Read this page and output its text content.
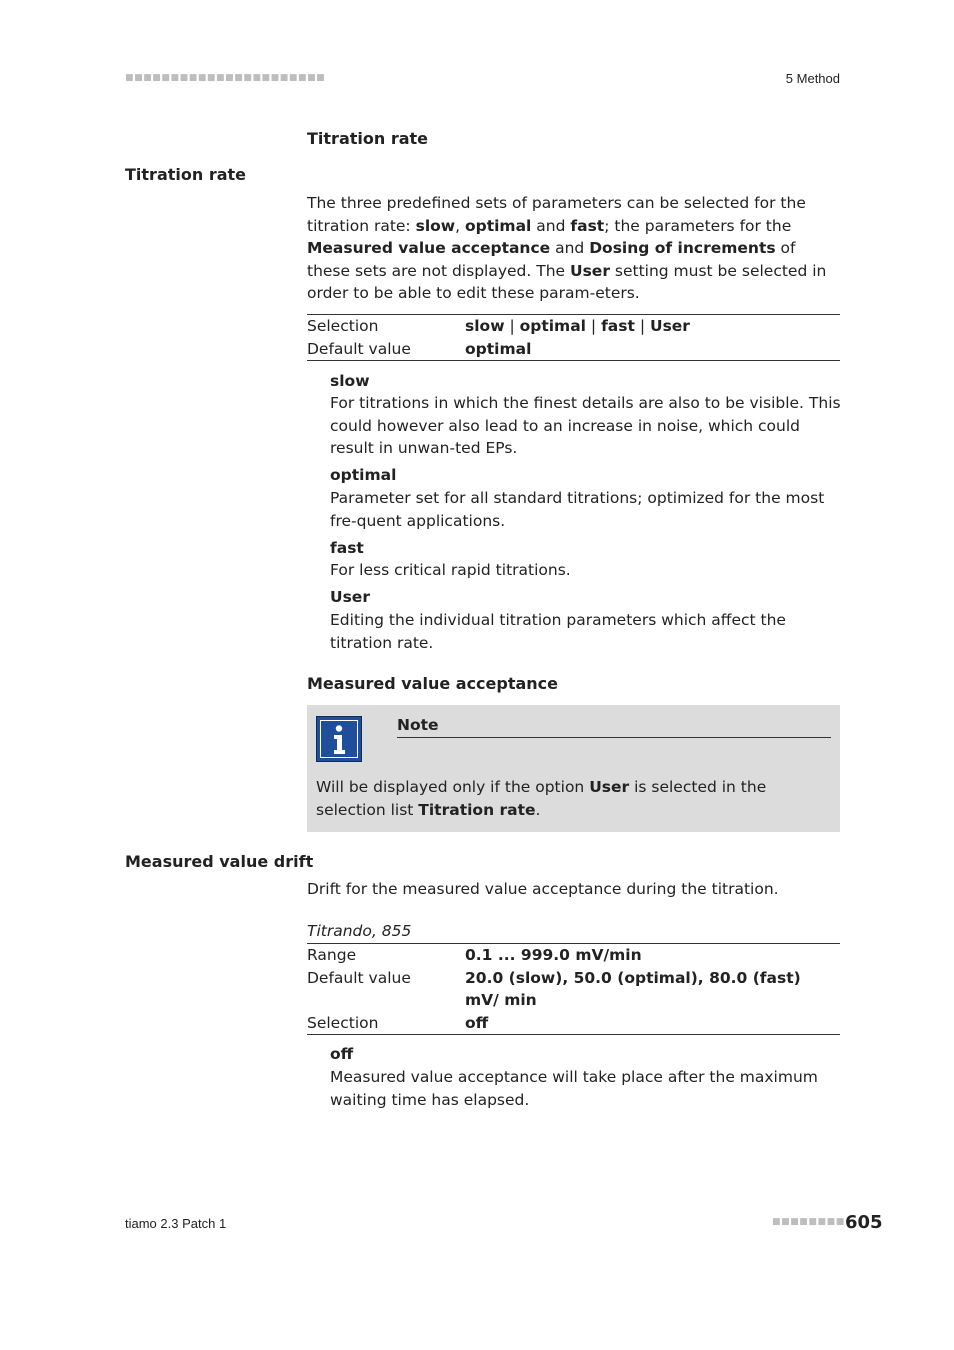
■■■■■■■■■■■■■■■■■■■■■■	5 Method
Titration rate
Titration rate
The three predefined sets of parameters can be selected for the titration rate: slow, optimal and fast; the parameters for the Measured value acceptance and Dosing of increments of these sets are not displayed. The User setting must be selected in order to be able to edit these param-eters.
Selection	slow | optimal | fast | User
Default value	optimal
slow
For titrations in which the finest details are also to be visible. This could however also lead to an increase in noise, which could result in unwan-ted EPs.
optimal
Parameter set for all standard titrations; optimized for the most fre-quent applications.
fast
For less critical rapid titrations.
User
Editing the individual titration parameters which affect the titration rate.
Measured value acceptance
Note
Will be displayed only if the option User is selected in the selection list Titration rate.
Measured value drift
Drift for the measured value acceptance during the titration.
Titrando, 855
Range	0.1 ... 999.0 mV/min
Default value	20.0 (slow), 50.0 (optimal), 80.0 (fast) mV/ min
Selection	off
off
Measured value acceptance will take place after the maximum waiting time has elapsed.
tiamo 2.3 Patch 1	■■■■■■■■ 605
